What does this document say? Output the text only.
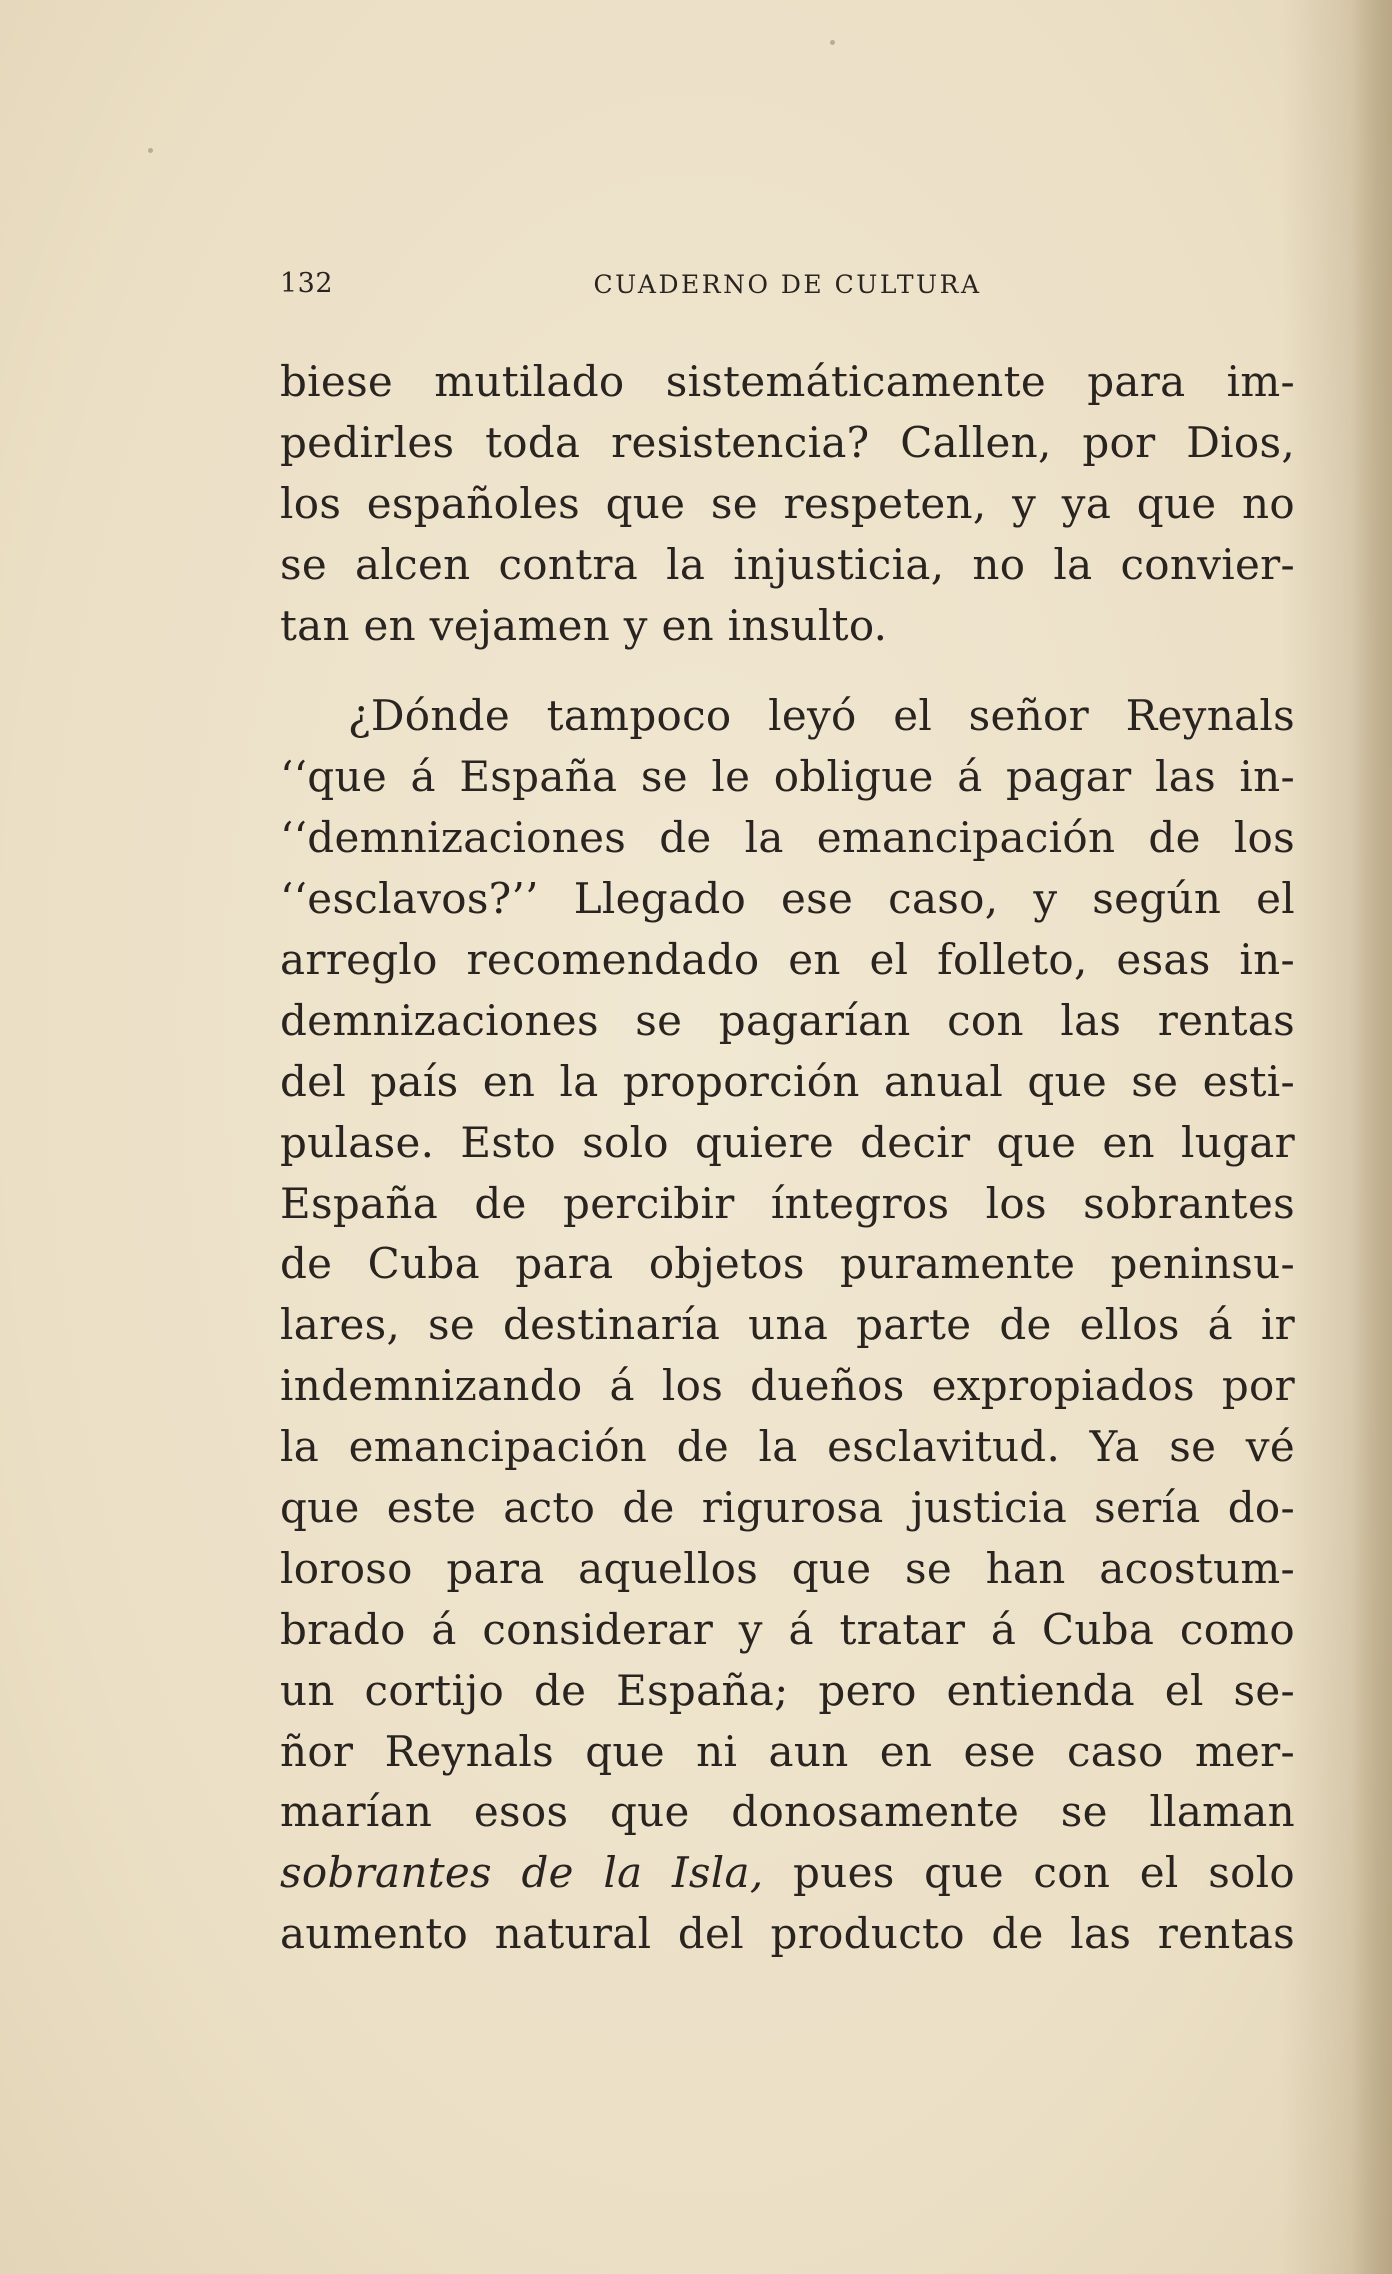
132	CUADERNO DE CULTURA
biese mutilado sistemáticamente para im-
pedirles toda resistencia? Callen, por Dios,
los españoles que se respeten, y ya que no
se alcen contra la injusticia, no la convier-
tan en vejamen y en insulto.
¿Dónde tampoco leyó el señor Reynals
‘‘que á España se le obligue á pagar las in-
‘‘demnizaciones de la emancipación de los
‘‘esclavos?’’ Llegado ese caso, y según el
arreglo recomendado en el folleto, esas in-
demnizaciones se pagarían con las rentas
del país en la proporción anual que se esti-
pulase. Esto solo quiere decir que en lugar
España de percibir íntegros los sobrantes
de Cuba para objetos puramente peninsu-
lares, se destinaría una parte de ellos á ir
indemnizando á los dueños expropiados por
la emancipación de la esclavitud. Ya se vé
que este acto de rigurosa justicia sería do-
loroso para aquellos que se han acostum-
brado á considerar y á tratar á Cuba como
un cortijo de España; pero entienda el se-
ñor Reynals que ni aun en ese caso mer-
marían esos que donosamente se llaman
sobrantes de la Isla, pues que con el solo
aumento natural del producto de las rentas
